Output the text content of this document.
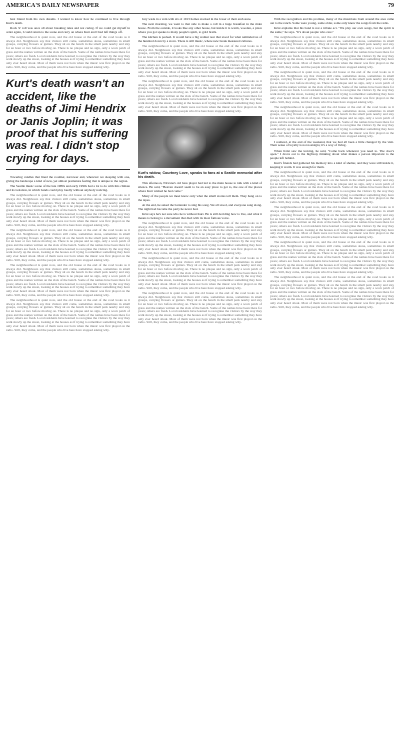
AMERICA'S DAILY NEWSPAPER	79

best friend from his own dreams. I wanted to know how he continued to live through Kurt's death.

Rock 'n' roll was once all about breaking rules and not caring. If we could get myself in order again, I could return to the scene and carry on where Kurt and I had left things off.

The neighbourhood is quiet now, and the old house at the end of the road looks as it always did. Neighbours say that visitors still come, sometimes alone, sometimes in small groups, carrying flowers or guitars. They sit on the bench in the small park nearby and stay for an hour or two before moving on. There is no plaque and no sign, only a worn patch of grass and the names written on the slats of the bench. Some of the names have been there for years; others are fresh. Local residents have learned to recognise the visitors by the way they walk slowly up the street, looking at the houses as if trying to remember something they have only ever heard about. Most of them were not born when the music was first played on the radio. Still, they come, and the people who live here have stopped asking why.

Kurt's death wasn't an accident, like the deaths of Jimi Hendrix or Janis Joplin; it was proof that his suffering was real. I didn't stop crying for days.

Towering candles that lined the roomier, narrower end, wherever we sleeping with one, giving the landscape a kind of new, yet almost premature feeling that is unique to the region.

The Seattle music scene of the late 1980s and early 1990s had a lot to do with this climate and its isolation, in which bands could play loudly without anybody noticing.

The neighbourhood is quiet now, and the old house at the end of the road looks as it always did. Neighbours say that visitors still come, sometimes alone, sometimes in small groups, carrying flowers or guitars. They sit on the bench in the small park nearby and stay for an hour or two before moving on. There is no plaque and no sign, only a worn patch of grass and the names written on the slats of the bench. Some of the names have been there for years; others are fresh. Local residents have learned to recognise the visitors by the way they walk slowly up the street, looking at the houses as if trying to remember something they have only ever heard about. Most of them were not born when the music was first played on the radio. Still, they come, and the people who live here have stopped asking why.

The neighbourhood is quiet now, and the old house at the end of the road looks as it always did. Neighbours say that visitors still come, sometimes alone, sometimes in small groups, carrying flowers or guitars. They sit on the bench in the small park nearby and stay for an hour or two before moving on. There is no plaque and no sign, only a worn patch of grass and the names written on the slats of the bench. Some of the names have been there for years; others are fresh. Local residents have learned to recognise the visitors by the way they walk slowly up the street, looking at the houses as if trying to remember something they have only ever heard about. Most of them were not born when the music was first played on the radio. Still, they come, and the people who live here have stopped asking why.

The neighbourhood is quiet now, and the old house at the end of the road looks as it always did. Neighbours say that visitors still come, sometimes alone, sometimes in small groups, carrying flowers or guitars. They sit on the bench in the small park nearby and stay for an hour or two before moving on. There is no plaque and no sign, only a worn patch of grass and the names written on the slats of the bench. Some of the names have been there for years; others are fresh. Local residents have learned to recognise the visitors by the way they walk slowly up the street, looking at the houses as if trying to remember something they have only ever heard about. Most of them were not born when the music was first played on the radio. Still, they come, and the people who live here have stopped asking why.

The neighbourhood is quiet now, and the old house at the end of the road looks as it always did. Neighbours say that visitors still come, sometimes alone, sometimes in small groups, carrying flowers or guitars. They sit on the bench in the small park nearby and stay for an hour or two before moving on. There is no plaque and no sign, only a worn patch of grass and the names written on the slats of the bench. Some of the names have been there for years; others are fresh. Local residents have learned to recognise the visitors by the way they walk slowly up the street, looking at the houses as if trying to remember something they have only ever heard about. Most of them were not born when the music was first played on the radio. Still, they come, and the people who live here have stopped asking why.

fury wade in a vein with six of 1913 homes stacked in the lower of their enclosure.

The next morning, we went to that side to make a call in a huge breakfast in the main house. From the outside, it looks like any other house, but inside it is warm, wooden, a place where you got speaks to many people's spirit, to gold brails.

The kitchen is packed. It would have a big walnut rear that stood for what reminded us of the hundred down by a stove. There is still music, where new break measured cultures.

The neighbourhood is quiet now, and the old house at the end of the road looks as it always did. Neighbours say that visitors still come, sometimes alone, sometimes in small groups, carrying flowers or guitars. They sit on the bench in the small park nearby and stay for an hour or two before moving on. There is no plaque and no sign, only a worn patch of grass and the names written on the slats of the bench. Some of the names have been there for years; others are fresh. Local residents have learned to recognise the visitors by the way they walk slowly up the street, looking at the houses as if trying to remember something they have only ever heard about. Most of them were not born when the music was first played on the radio. Still, they come, and the people who live here have stopped asking why.

The neighbourhood is quiet now, and the old house at the end of the road looks as it always did. Neighbours say that visitors still come, sometimes alone, sometimes in small groups, carrying flowers or guitars. They sit on the bench in the small park nearby and stay for an hour or two before moving on. There is no plaque and no sign, only a worn patch of grass and the names written on the slats of the bench. Some of the names have been there for years; others are fresh. Local residents have learned to recognise the visitors by the way they walk slowly up the street, looking at the houses as if trying to remember something they have only ever heard about. Most of them were not born when the music was first played on the radio. Still, they come, and the people who live here have stopped asking why.

Kurt's widow, Courtney Love, speaks to fans at a Seattle memorial after his death.

This afternoon, Nirvana's old bass player had led to the main house to talk with a kind of silence. He said, "Heaven doesn't seem to be an easy place to get to, the one of the places where Kurt wished he had come."

Many of the people we meet know only what the small stories tell them. They hang on to the tapes.

At the end, he asked the bartender to sing his song. We all stood, and everyone sang along. The night had become the party he never had.

Krist says he's not sure who he is without Kurt. He is still deciding how to live, and what it means to belong to a movement that died with its most famous voice.

The neighbourhood is quiet now, and the old house at the end of the road looks as it always did. Neighbours say that visitors still come, sometimes alone, sometimes in small groups, carrying flowers or guitars. They sit on the bench in the small park nearby and stay for an hour or two before moving on. There is no plaque and no sign, only a worn patch of grass and the names written on the slats of the bench. Some of the names have been there for years; others are fresh. Local residents have learned to recognise the visitors by the way they walk slowly up the street, looking at the houses as if trying to remember something they have only ever heard about. Most of them were not born when the music was first played on the radio. Still, they come, and the people who live here have stopped asking why.

The neighbourhood is quiet now, and the old house at the end of the road looks as it always did. Neighbours say that visitors still come, sometimes alone, sometimes in small groups, carrying flowers or guitars. They sit on the bench in the small park nearby and stay for an hour or two before moving on. There is no plaque and no sign, only a worn patch of grass and the names written on the slats of the bench. Some of the names have been there for years; others are fresh. Local residents have learned to recognise the visitors by the way they walk slowly up the street, looking at the houses as if trying to remember something they have only ever heard about. Most of them were not born when the music was first played on the radio. Still, they come, and the people who live here have stopped asking why.

The neighbourhood is quiet now, and the old house at the end of the road looks as it always did. Neighbours say that visitors still come, sometimes alone, sometimes in small groups, carrying flowers or guitars. They sit on the bench in the small park nearby and stay for an hour or two before moving on. There is no plaque and no sign, only a worn patch of grass and the names written on the slats of the bench. Some of the names have been there for years; others are fresh. Local residents have learned to recognise the visitors by the way they walk slowly up the street, looking at the houses as if trying to remember something they have only ever heard about. Most of them were not born when the music was first played on the radio. Still, they come, and the people who live here have stopped asking why.

With the recognition and his promise, many of the musicians from around the area came out to the ranch. Some were young, some older, some only knew the songs from the radio.

Krist explains that his band is not a tribute act. "We play our own songs, but the spirit is the same," he says. "It's about people who care."

The neighbourhood is quiet now, and the old house at the end of the road looks as it always did. Neighbours say that visitors still come, sometimes alone, sometimes in small groups, carrying flowers or guitars. They sit on the bench in the small park nearby and stay for an hour or two before moving on. There is no plaque and no sign, only a worn patch of grass and the names written on the slats of the bench. Some of the names have been there for years; others are fresh. Local residents have learned to recognise the visitors by the way they walk slowly up the street, looking at the houses as if trying to remember something they have only ever heard about. Most of them were not born when the music was first played on the radio. Still, they come, and the people who live here have stopped asking why.

The neighbourhood is quiet now, and the old house at the end of the road looks as it always did. Neighbours say that visitors still come, sometimes alone, sometimes in small groups, carrying flowers or guitars. They sit on the bench in the small park nearby and stay for an hour or two before moving on. There is no plaque and no sign, only a worn patch of grass and the names written on the slats of the bench. Some of the names have been there for years; others are fresh. Local residents have learned to recognise the visitors by the way they walk slowly up the street, looking at the houses as if trying to remember something they have only ever heard about. Most of them were not born when the music was first played on the radio. Still, they come, and the people who live here have stopped asking why.

The neighbourhood is quiet now, and the old house at the end of the road looks as it always did. Neighbours say that visitors still come, sometimes alone, sometimes in small groups, carrying flowers or guitars. They sit on the bench in the small park nearby and stay for an hour or two before moving on. There is no plaque and no sign, only a worn patch of grass and the names written on the slats of the bench. Some of the names have been there for years; others are fresh. Local residents have learned to recognise the visitors by the way they walk slowly up the street, looking at the houses as if trying to remember something they have only ever heard about. Most of them were not born when the music was first played on the radio. Still, they come, and the people who live here have stopped asking why.

I realized, at the end of the weekend, that we had all been a little changed by the visit. Their sense of loyalty is not nostalgia; it's a way of living.

When Krist saw me leaving, he said, "Come back whenever you need to. The door's open." I drove out to the highway thinking about what makes a person important to the people left behind.

Kurt's friends had gathered his memory into a kind of shelter, and they were still inside it, keeping it warm. It was enough for them.

The neighbourhood is quiet now, and the old house at the end of the road looks as it always did. Neighbours say that visitors still come, sometimes alone, sometimes in small groups, carrying flowers or guitars. They sit on the bench in the small park nearby and stay for an hour or two before moving on. There is no plaque and no sign, only a worn patch of grass and the names written on the slats of the bench. Some of the names have been there for years; others are fresh. Local residents have learned to recognise the visitors by the way they walk slowly up the street, looking at the houses as if trying to remember something they have only ever heard about. Most of them were not born when the music was first played on the radio. Still, they come, and the people who live here have stopped asking why.

The neighbourhood is quiet now, and the old house at the end of the road looks as it always did. Neighbours say that visitors still come, sometimes alone, sometimes in small groups, carrying flowers or guitars. They sit on the bench in the small park nearby and stay for an hour or two before moving on. There is no plaque and no sign, only a worn patch of grass and the names written on the slats of the bench. Some of the names have been there for years; others are fresh. Local residents have learned to recognise the visitors by the way they walk slowly up the street, looking at the houses as if trying to remember something they have only ever heard about. Most of them were not born when the music was first played on the radio. Still, they come, and the people who live here have stopped asking why.

The neighbourhood is quiet now, and the old house at the end of the road looks as it always did. Neighbours say that visitors still come, sometimes alone, sometimes in small groups, carrying flowers or guitars. They sit on the bench in the small park nearby and stay for an hour or two before moving on. There is no plaque and no sign, only a worn patch of grass and the names written on the slats of the bench. Some of the names have been there for years; others are fresh. Local residents have learned to recognise the visitors by the way they walk slowly up the street, looking at the houses as if trying to remember something they have only ever heard about. Most of them were not born when the music was first played on the radio. Still, they come, and the people who live here have stopped asking why.

The neighbourhood is quiet now, and the old house at the end of the road looks as it always did. Neighbours say that visitors still come, sometimes alone, sometimes in small groups, carrying flowers or guitars. They sit on the bench in the small park nearby and stay for an hour or two before moving on. There is no plaque and no sign, only a worn patch of grass and the names written on the slats of the bench. Some of the names have been there for years; others are fresh. Local residents have learned to recognise the visitors by the way they walk slowly up the street, looking at the houses as if trying to remember something they have only ever heard about. Most of them were not born when the music was first played on the radio. Still, they come, and the people who live here have stopped asking why.
